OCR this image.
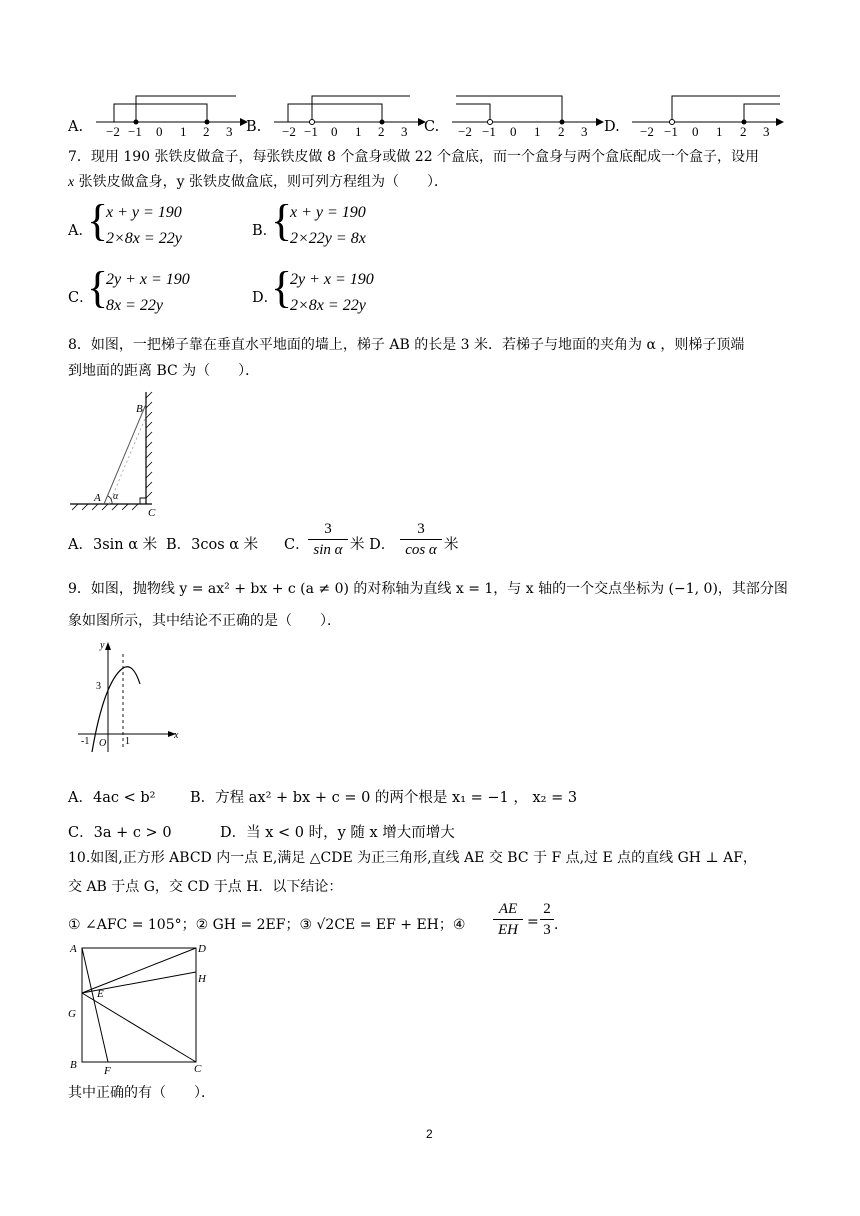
A. −2 −1 0 1 2 3 B. −2 −1 0 1 2 3 C. −2 −1 0 1 2 3 D. −2 −1 0 1 2 3
7．现用 190 张铁皮做盒子，每张铁皮做 8 个盒身或做 22 个盒底，而一个盒身与两个盒底配成一个盒子，设用
x 张铁皮做盒身，y 张铁皮做盒底，则可列方程组为（　　）．
A．
{
x + y = 190
2×8x = 22y	B．
{
x + y = 190
2×22y = 8x
C．
{
2y + x = 190
8x = 22y	D．
{
2y + x = 190
2×8x = 22y
8．如图，一把梯子靠在垂直水平地面的墙上，梯子 AB 的长是 3 米．若梯子与地面的夹角为 α ，则梯子顶端
到地面的距离 BC 为（　　）．
A α
B
C
A．3sin α 米 B．3cos α 米 C．
3
sin α 米 D．
3
cos α 米
9．如图，抛物线 y = ax² + bx + c (a ≠ 0) 的对称轴为直线 x = 1，与 x 轴的一个交点坐标为 (−1, 0)，其部分图
象如图所示，其中结论不正确的是（　　）．
y
x
3
-1 O 1
A．4ac < b² B．方程 ax² + bx + c = 0 的两个根是 x₁ = −1 ， x₂ = 3
C．3a + c > 0	D．当 x < 0 时，y 随 x 增大而增大
10.如图,正方形 ABCD 内一点 E,满足 △CDE 为正三角形,直线 AE 交 BC 于 F 点,过 E 点的直线 GH ⊥ AF，
交 AB 于点 G，交 CD 于点 H．以下结论：
① ∠AFC = 105°；② GH = 2EF；③ √2CE = EF + EH；④
AE
EH =
2
3 ．
A	D
H
E
G
B F	C
其中正确的有（　　）．
2
